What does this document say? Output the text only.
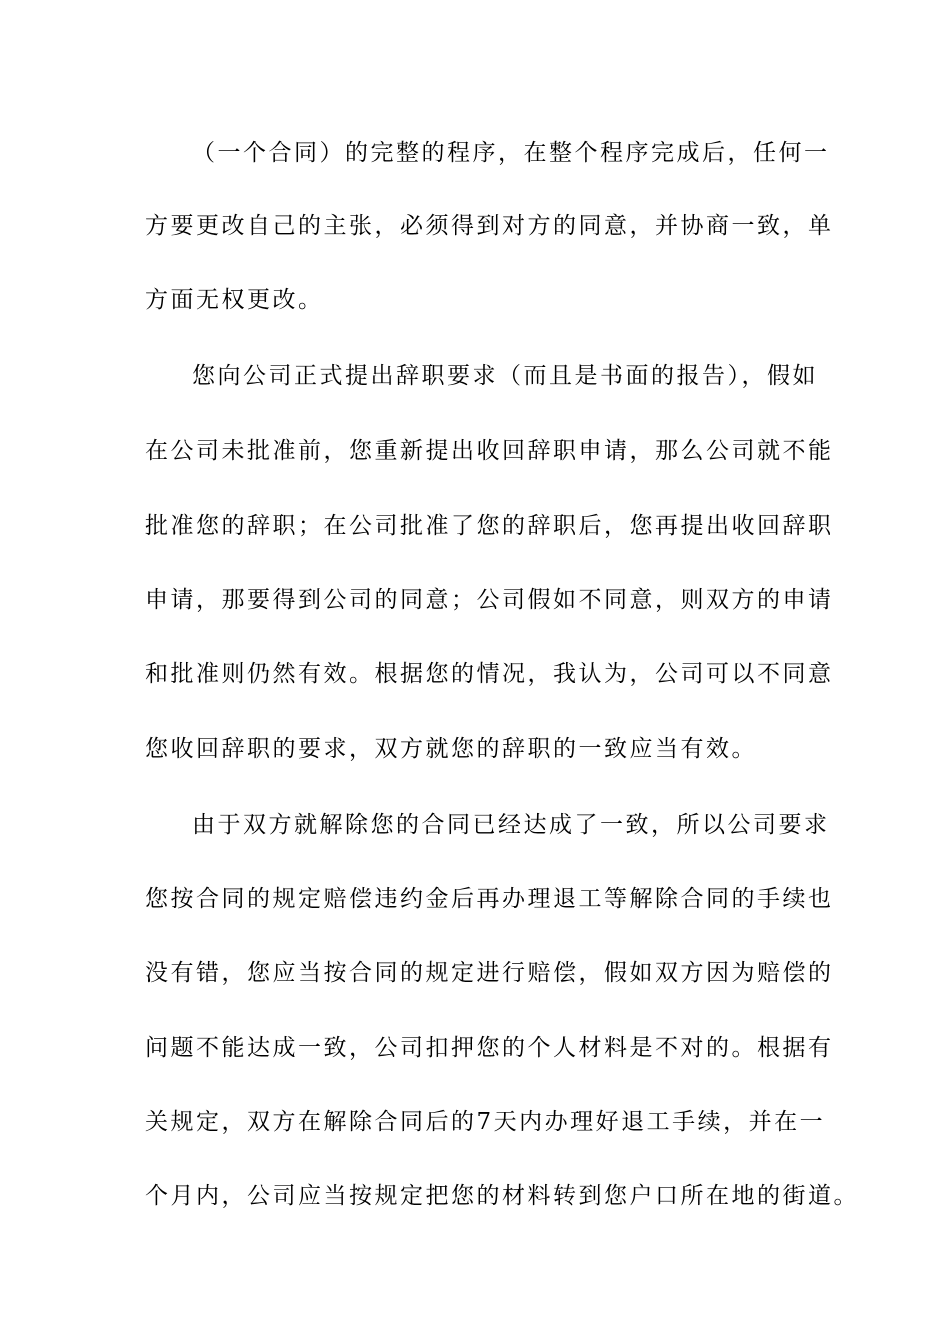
（一个合同）的完整的程序，在整个程序完成后，任何一
方要更改自己的主张，必须得到对方的同意，并协商一致，单
方面无权更改。
您向公司正式提出辞职要求（而且是书面的报告），假如
在公司未批准前，您重新提出收回辞职申请，那么公司就不能
批准您的辞职；在公司批准了您的辞职后，您再提出收回辞职
申请，那要得到公司的同意；公司假如不同意，则双方的申请
和批准则仍然有效。根据您的情况，我认为，公司可以不同意
您收回辞职的要求，双方就您的辞职的一致应当有效。
由于双方就解除您的合同已经达成了一致，所以公司要求
您按合同的规定赔偿违约金后再办理退工等解除合同的手续也
没有错，您应当按合同的规定进行赔偿，假如双方因为赔偿的
问题不能达成一致，公司扣押您的个人材料是不对的。根据有
关规定，双方在解除合同后的7天内办理好退工手续，并在一
个月内，公司应当按规定把您的材料转到您户口所在地的街道。
